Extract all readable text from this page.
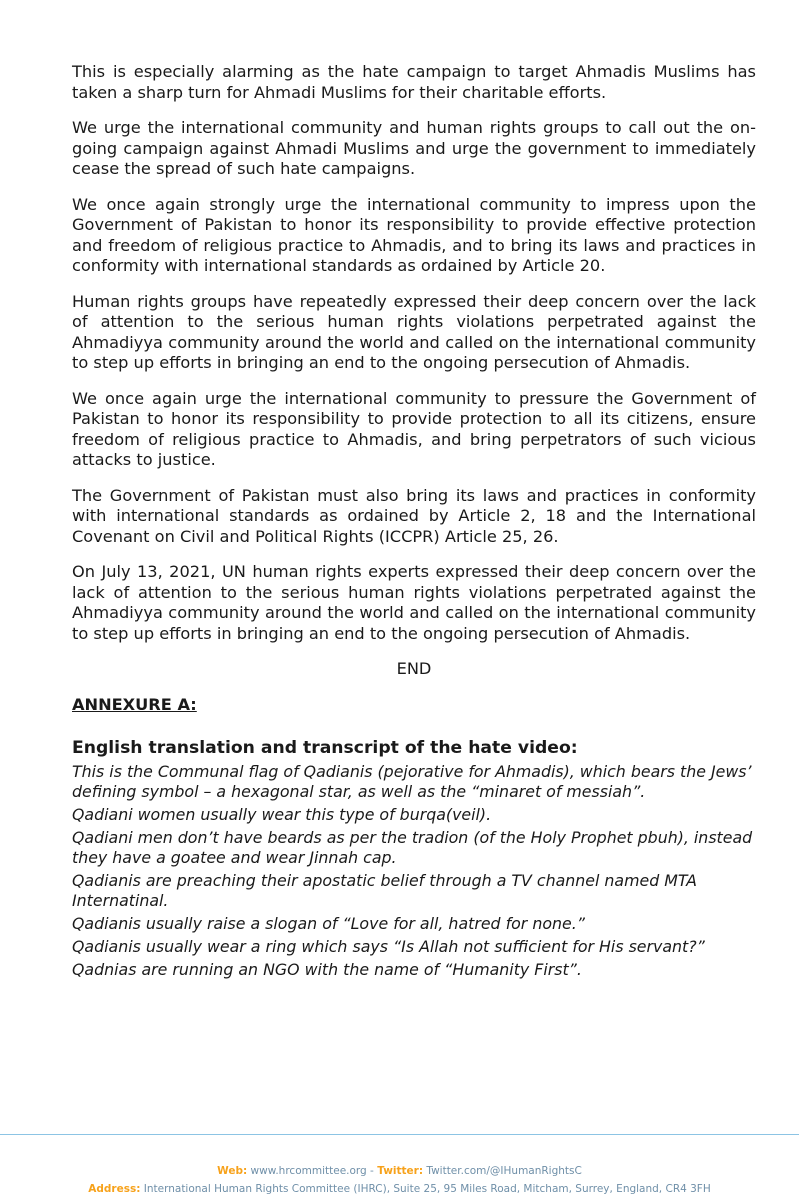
This is especially alarming as the hate campaign to target Ahmadis Muslims has taken a sharp turn for Ahmadi Muslims for their charitable efforts.

We urge the international community and human rights groups to call out the on-going campaign against Ahmadi Muslims and urge the government to immediately cease the spread of such hate campaigns.

We once again strongly urge the international community to impress upon the Government of Pakistan to honor its responsibility to provide effective protection and freedom of religious practice to Ahmadis, and to bring its laws and practices in conformity with international standards as ordained by Article 20.

Human rights groups have repeatedly expressed their deep concern over the lack of attention to the serious human rights violations perpetrated against the Ahmadiyya community around the world and called on the international community to step up efforts in bringing an end to the ongoing persecution of Ahmadis.

We once again urge the international community to pressure the Government of Pakistan to honor its responsibility to provide protection to all its citizens, ensure freedom of religious practice to Ahmadis, and bring perpetrators of such vicious attacks to justice.

The Government of Pakistan must also bring its laws and practices in conformity with international standards as ordained by Article 2, 18 and the International Covenant on Civil and Political Rights (ICCPR) Article 25, 26.

On July 13, 2021, UN human rights experts expressed their deep concern over the lack of attention to the serious human rights violations perpetrated against the Ahmadiyya community around the world and called on the international community to step up efforts in bringing an end to the ongoing persecution of Ahmadis.

END
ANNEXURE A:
English translation and transcript of the hate video:
This is the Communal flag of Qadianis (pejorative for Ahmadis), which bears the Jews’ defining symbol – a hexagonal star, as well as the “minaret of messiah”.
Qadiani women usually wear this type of burqa(veil).
Qadiani men don’t have beards as per the tradion (of the Holy Prophet pbuh), instead they have a goatee and wear Jinnah cap.
Qadianis are preaching their apostatic belief through a TV channel named MTA Internatinal.
Qadianis usually raise a slogan of “Love for all, hatred for none.”
Qadianis usually wear a ring which says “Is Allah not sufficient for His servant?”
Qadnias are running an NGO with the name of “Humanity First”.
Web: www.hrcommittee.org - Twitter: Twitter.com/@IHumanRightsC
Address: International Human Rights Committee (IHRC), Suite 25, 95 Miles Road, Mitcham, Surrey, England, CR4 3FH
